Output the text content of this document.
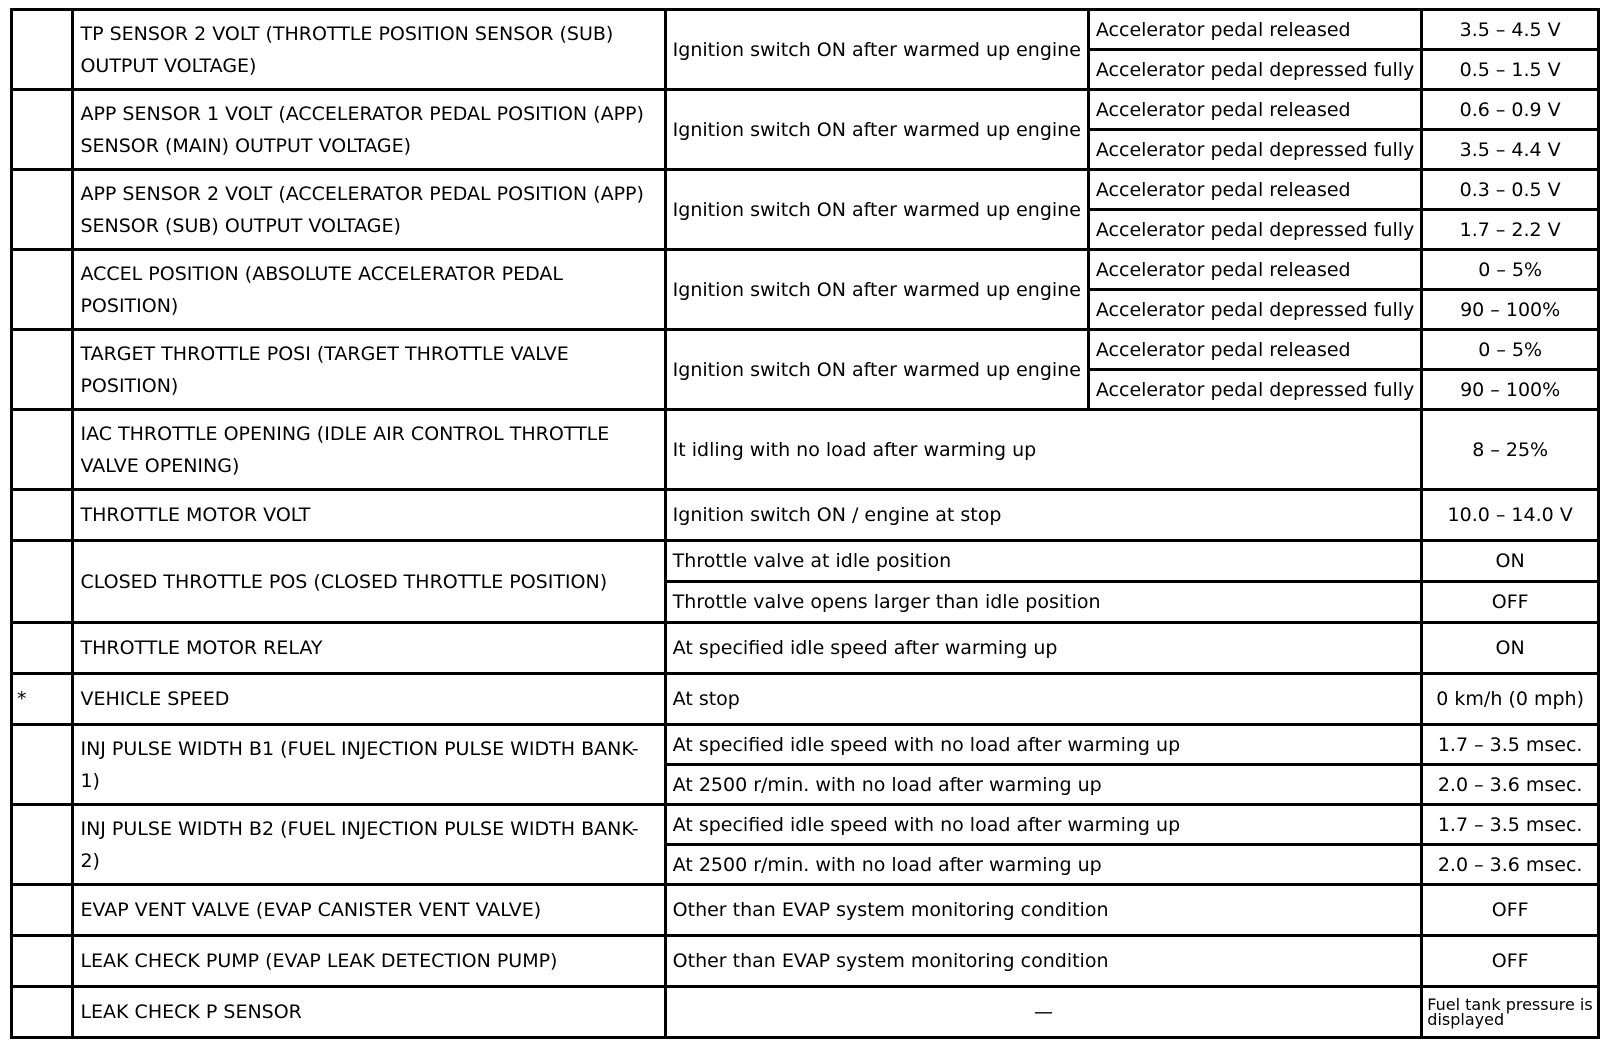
	TP SENSOR 2 VOLT (THROTTLE POSITION SENSOR (SUB) OUTPUT VOLTAGE)	Ignition switch ON after warmed up engine	Accelerator pedal released	3.5 – 4.5 V
			Accelerator pedal depressed fully	0.5 – 1.5 V
	APP SENSOR 1 VOLT (ACCELERATOR PEDAL POSITION (APP) SENSOR (MAIN) OUTPUT VOLTAGE)	Ignition switch ON after warmed up engine	Accelerator pedal released	0.6 – 0.9 V
			Accelerator pedal depressed fully	3.5 – 4.4 V
	APP SENSOR 2 VOLT (ACCELERATOR PEDAL POSITION (APP) SENSOR (SUB) OUTPUT VOLTAGE)	Ignition switch ON after warmed up engine	Accelerator pedal released	0.3 – 0.5 V
			Accelerator pedal depressed fully	1.7 – 2.2 V
	ACCEL POSITION (ABSOLUTE ACCELERATOR PEDAL POSITION)	Ignition switch ON after warmed up engine	Accelerator pedal released	0 – 5%
			Accelerator pedal depressed fully	90 – 100%
	TARGET THROTTLE POSI (TARGET THROTTLE VALVE POSITION)	Ignition switch ON after warmed up engine	Accelerator pedal released	0 – 5%
			Accelerator pedal depressed fully	90 – 100%
	IAC THROTTLE OPENING (IDLE AIR CONTROL THROTTLE VALVE OPENING)	It idling with no load after warming up		8 – 25%
	THROTTLE MOTOR VOLT	Ignition switch ON / engine at stop		10.0 – 14.0 V
	CLOSED THROTTLE POS (CLOSED THROTTLE POSITION)	Throttle valve at idle position		ON
		Throttle valve opens larger than idle position		OFF
	THROTTLE MOTOR RELAY	At specified idle speed after warming up		ON
*	VEHICLE SPEED	At stop		0 km/h (0 mph)
	INJ PULSE WIDTH B1 (FUEL INJECTION PULSE WIDTH BANK-1)	At specified idle speed with no load after warming up		1.7 – 3.5 msec.
		At 2500 r/min. with no load after warming up		2.0 – 3.6 msec.
	INJ PULSE WIDTH B2 (FUEL INJECTION PULSE WIDTH BANK-2)	At specified idle speed with no load after warming up		1.7 – 3.5 msec.
		At 2500 r/min. with no load after warming up		2.0 – 3.6 msec.
	EVAP VENT VALVE (EVAP CANISTER VENT VALVE)	Other than EVAP system monitoring condition		OFF
	LEAK CHECK PUMP (EVAP LEAK DETECTION PUMP)	Other than EVAP system monitoring condition		OFF
	LEAK CHECK P SENSOR	—		Fuel tank pressure is displayed
